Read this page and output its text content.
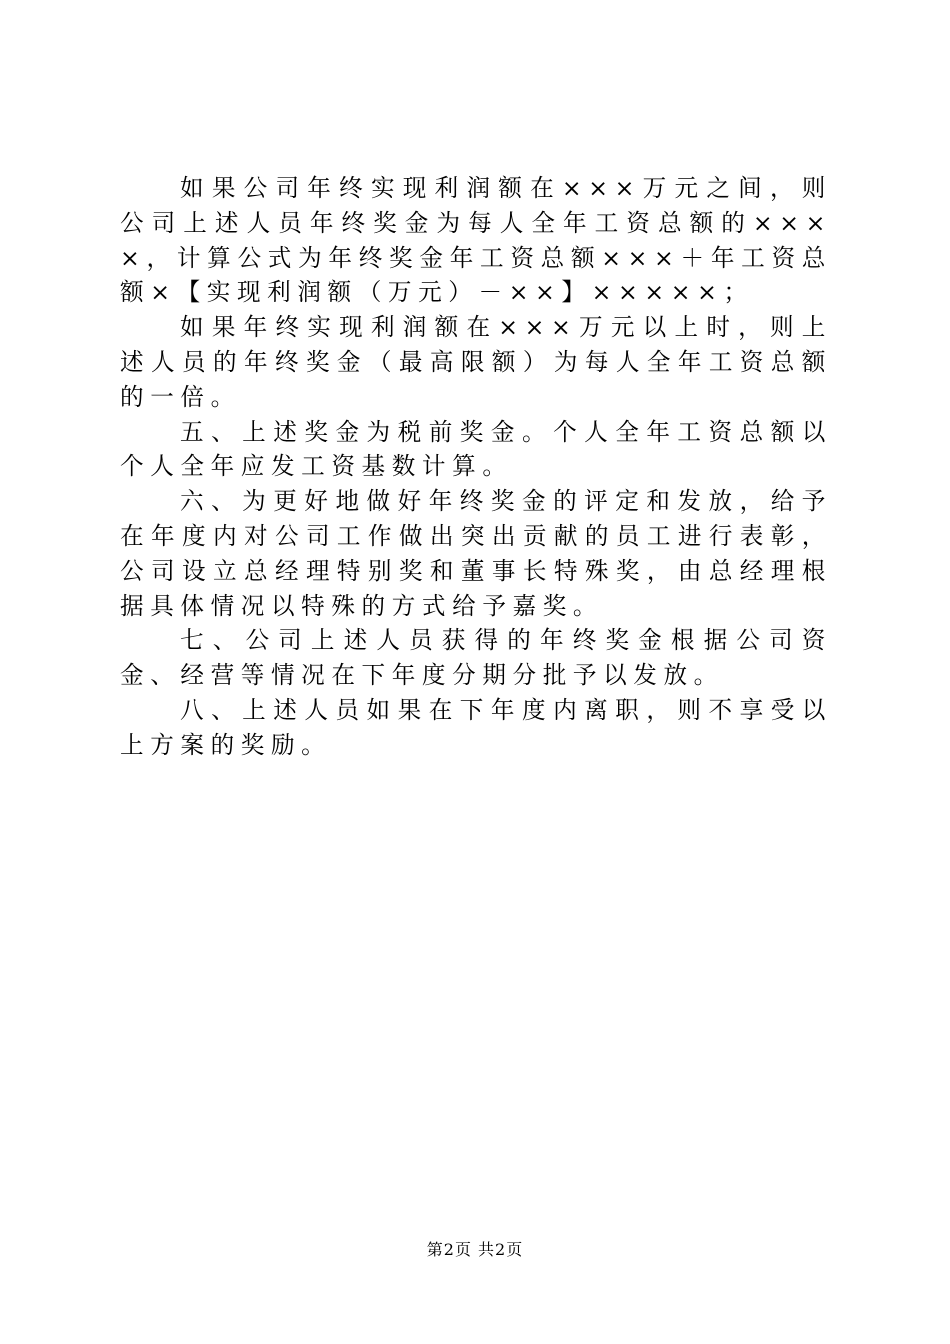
如果公司年终实现利润额在×××万元之间，则公司上述人员年终奖金为每人全年工资总额的××××，计算公式为年终奖金年工资总额×××＋年工资总额×【实现利润额（万元）－××】×××××；

如果年终实现利润额在×××万元以上时，则上述人员的年终奖金（最高限额）为每人全年工资总额的一倍。

五、上述奖金为税前奖金。个人全年工资总额以个人全年应发工资基数计算。

六、为更好地做好年终奖金的评定和发放，给予在年度内对公司工作做出突出贡献的员工进行表彰，公司设立总经理特别奖和董事长特殊奖，由总经理根据具体情况以特殊的方式给予嘉奖。

七、公司上述人员获得的年终奖金根据公司资金、经营等情况在下年度分期分批予以发放。

八、上述人员如果在下年度内离职，则不享受以上方案的奖励。

第2页 共2页
